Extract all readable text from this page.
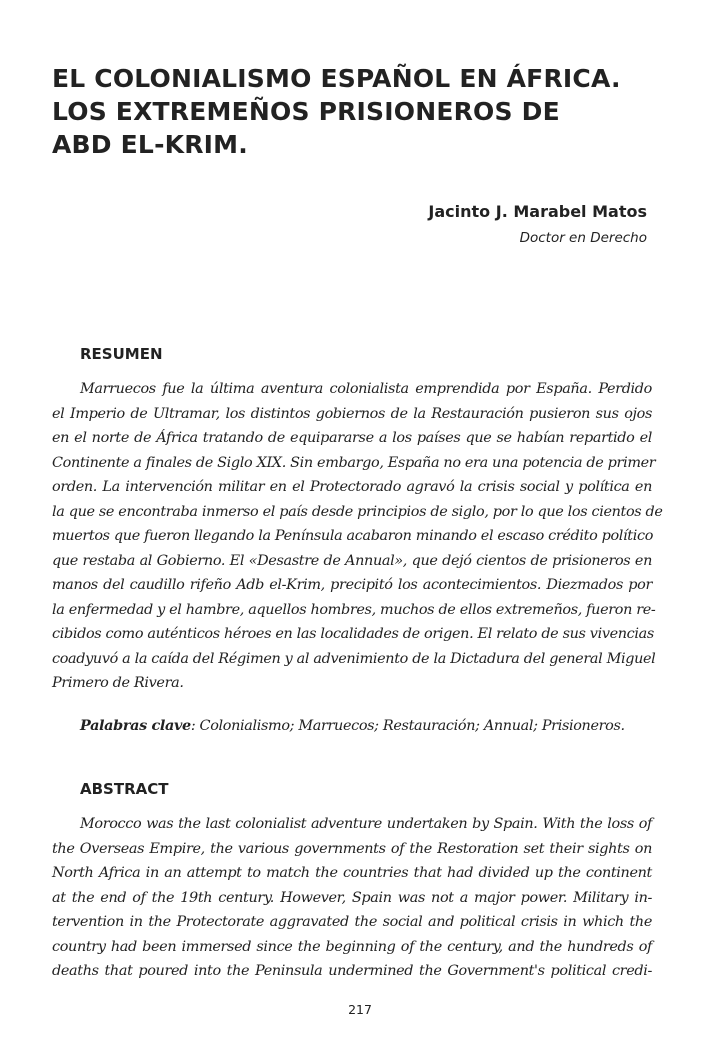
EL COLONIALISMO ESPAÑOL EN ÁFRICA.
LOS EXTREMEÑOS PRISIONEROS DE
ABD EL-KRIM.
Jacinto J. Marabel Matos
Doctor en Derecho
RESUMEN
Marruecos fue la última aventura colonialista emprendida por España. Perdido
el Imperio de Ultramar, los distintos gobiernos de la Restauración pusieron sus ojos
en el norte de África tratando de equipararse a los países que se habían repartido el
Continente a finales de Siglo XIX. Sin embargo, España no era una potencia de primer
orden. La intervención militar en el Protectorado agravó la crisis social y política en
la que se encontraba inmerso el país desde principios de siglo, por lo que los cientos de
muertos que fueron llegando la Península acabaron minando el escaso crédito político
que restaba al Gobierno. El «Desastre de Annual», que dejó cientos de prisioneros en
manos del caudillo rifeño Adb el-Krim, precipitó los acontecimientos. Diezmados por
la enfermedad y el hambre, aquellos hombres, muchos de ellos extremeños, fueron re-
cibidos como auténticos héroes en las localidades de origen. El relato de sus vivencias
coadyuvó a la caída del Régimen y al advenimiento de la Dictadura del general Miguel
Primero de Rivera.
Palabras clave: Colonialismo; Marruecos; Restauración; Annual; Prisioneros.
ABSTRACT
Morocco was the last colonialist adventure undertaken by Spain. With the loss of
the Overseas Empire, the various governments of the Restoration set their sights on
North Africa in an attempt to match the countries that had divided up the continent
at the end of the 19th century. However, Spain was not a major power. Military in-
tervention in the Protectorate aggravated the social and political crisis in which the
country had been immersed since the beginning of the century, and the hundreds of
deaths that poured into the Peninsula undermined the Government's political credi-
217
